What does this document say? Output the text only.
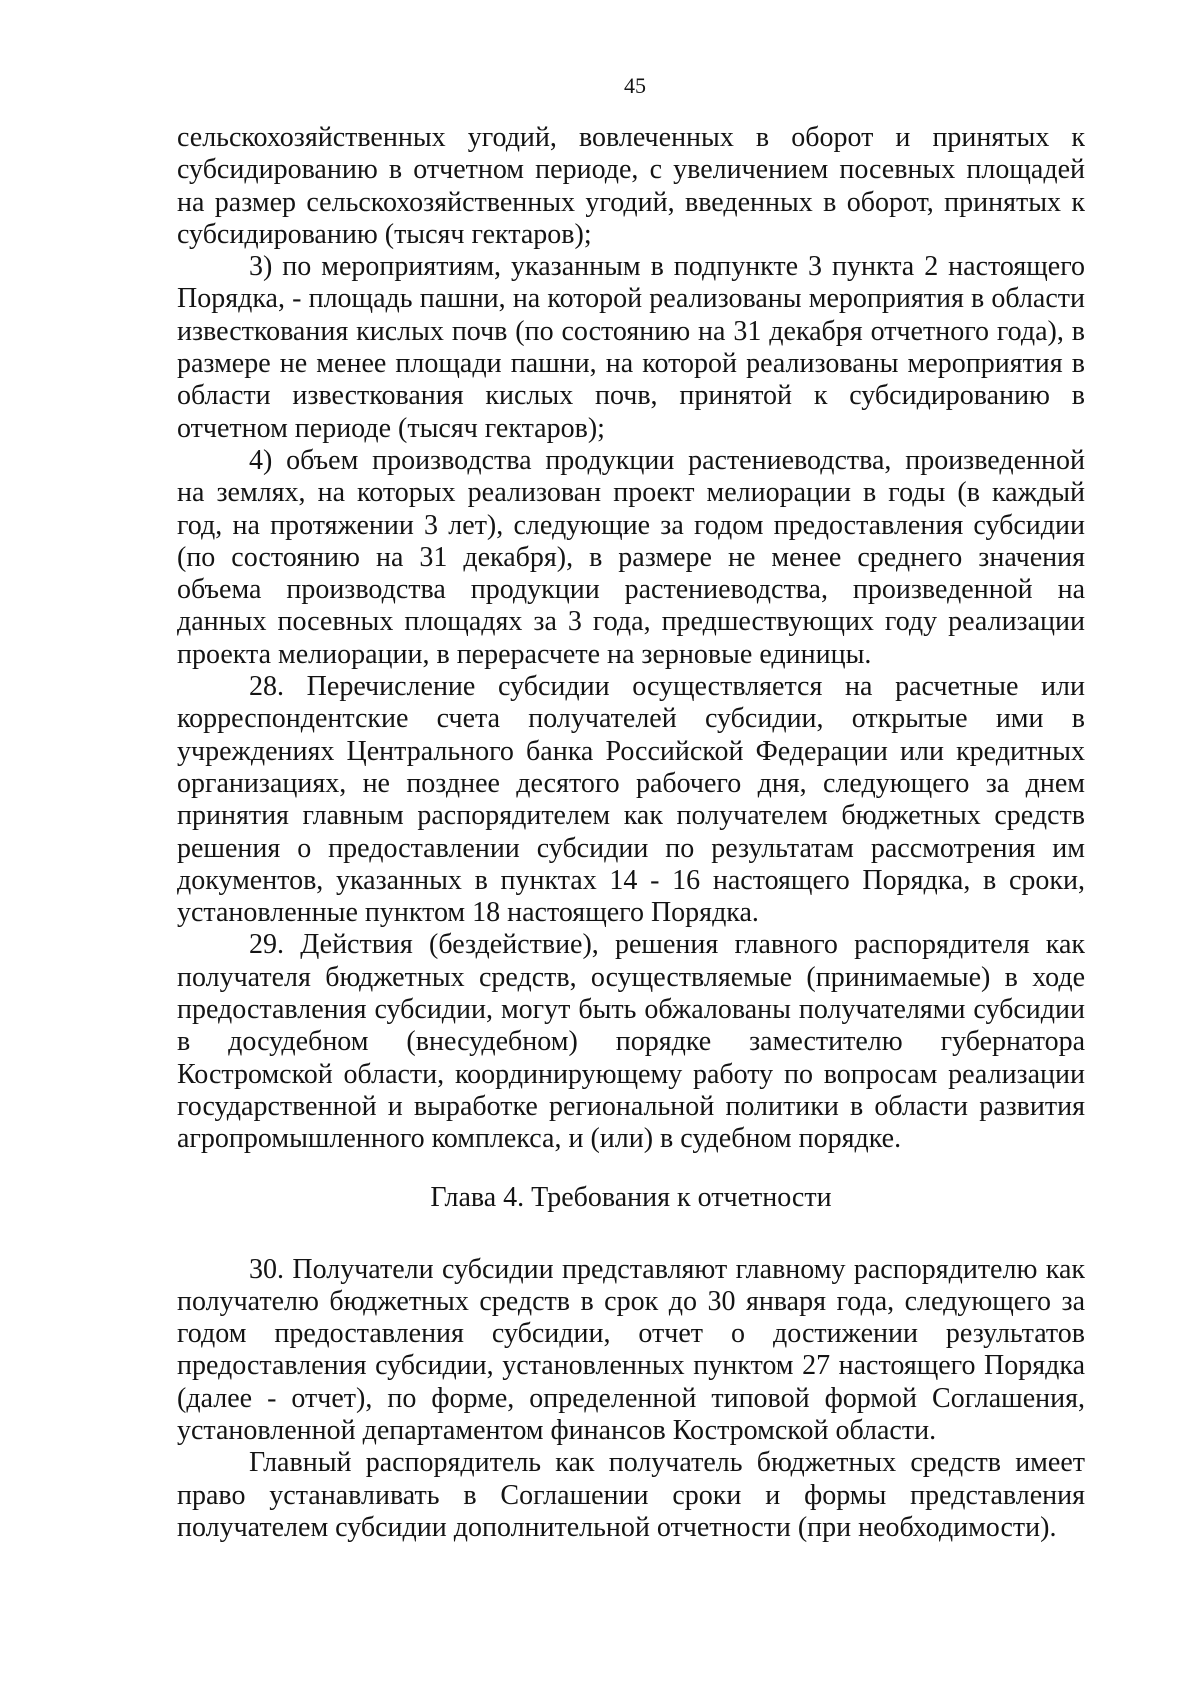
45

сельскохозяйственных угодий, вовлеченных в оборот и принятых к субсидированию в отчетном периоде, с увеличением посевных площадей на размер сельскохозяйственных угодий, введенных в оборот, принятых к субсидированию (тысяч гектаров);

3) по мероприятиям, указанным в подпункте 3 пункта 2 настоящего Порядка, - площадь пашни, на которой реализованы мероприятия в области известкования кислых почв (по состоянию на 31 декабря отчетного года), в размере не менее площади пашни, на которой реализованы мероприятия в области известкования кислых почв, принятой к субсидированию в отчетном периоде (тысяч гектаров);

4) объем производства продукции растениеводства, произведенной на землях, на которых реализован проект мелиорации в годы (в каждый год, на протяжении 3 лет), следующие за годом предоставления субсидии (по состоянию на 31 декабря), в размере не менее среднего значения объема производства продукции растениеводства, произведенной на данных посевных площадях за 3 года, предшествующих году реализации проекта мелиорации, в перерасчете на зерновые единицы.

28. Перечисление субсидии осуществляется на расчетные или корреспондентские счета получателей субсидии, открытые ими в учреждениях Центрального банка Российской Федерации или кредитных организациях, не позднее десятого рабочего дня, следующего за днем принятия главным распорядителем как получателем бюджетных средств решения о предоставлении субсидии по результатам рассмотрения им документов, указанных в пунктах 14 - 16 настоящего Порядка, в сроки, установленные пунктом 18 настоящего Порядка.

29. Действия (бездействие), решения главного распорядителя как получателя бюджетных средств, осуществляемые (принимаемые) в ходе предоставления субсидии, могут быть обжалованы получателями субсидии в досудебном (внесудебном) порядке заместителю губернатора Костромской области, координирующему работу по вопросам реализации государственной и выработке региональной политики в области развития агропромышленного комплекса, и (или) в судебном порядке.

Глава 4. Требования к отчетности

30. Получатели субсидии представляют главному распорядителю как получателю бюджетных средств в срок до 30 января года, следующего за годом предоставления субсидии, отчет о достижении результатов предоставления субсидии, установленных пунктом 27 настоящего Порядка (далее - отчет), по форме, определенной типовой формой Соглашения, установленной департаментом финансов Костромской области.

Главный распорядитель как получатель бюджетных средств имеет право устанавливать в Соглашении сроки и формы представления получателем субсидии дополнительной отчетности (при необходимости).
